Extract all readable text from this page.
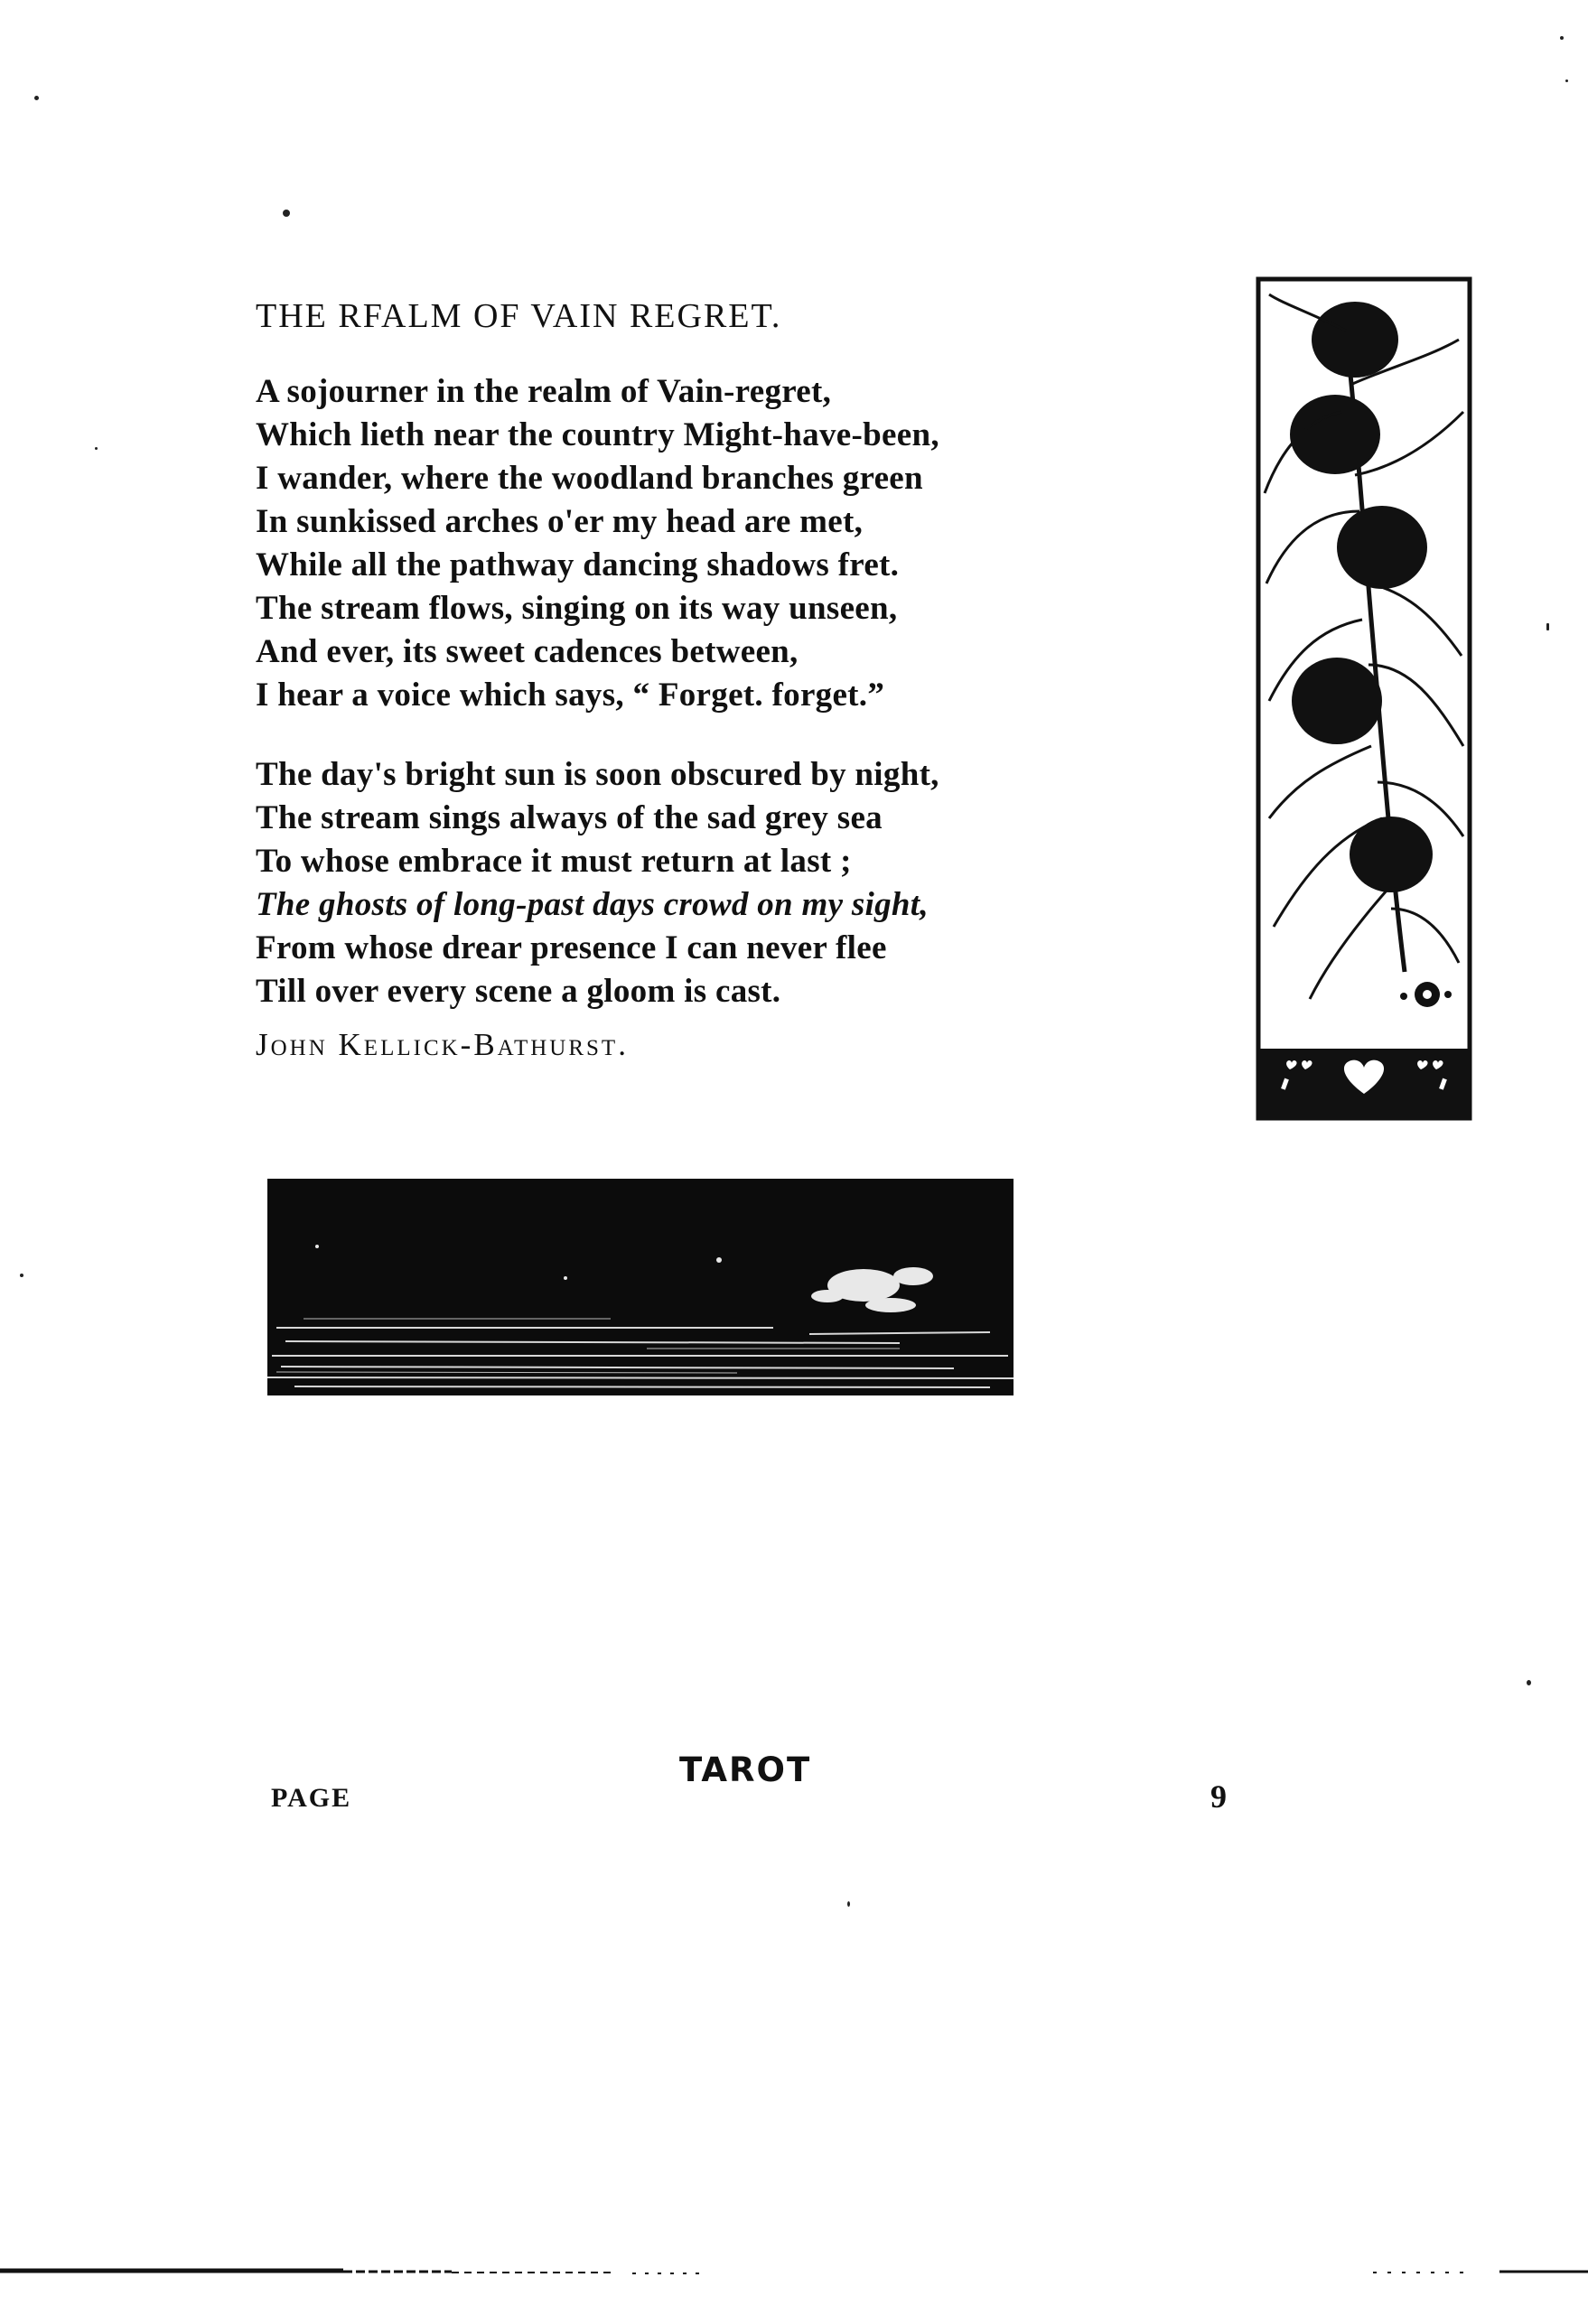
THE RFALM OF VAIN REGRET.
A sojourner in the realm of Vain-regret,
Which lieth near the country Might-have-been,
I wander, where the woodland branches green
In sunkissed arches o'er my head are met,
While all the pathway dancing shadows fret.
The stream flows, singing on its way unseen,
And ever, its sweet cadences between,
I hear a voice which says, “ Forget. forget.”
The day's bright sun is soon obscured by night,
The stream sings always of the sad grey sea
To whose embrace it must return at last ;
The ghosts of long-past days crowd on my sight,
From whose drear presence I can never flee
Till over every scene a gloom is cast.
John Kellick-Bathurst.
TAROT
PAGE	9
